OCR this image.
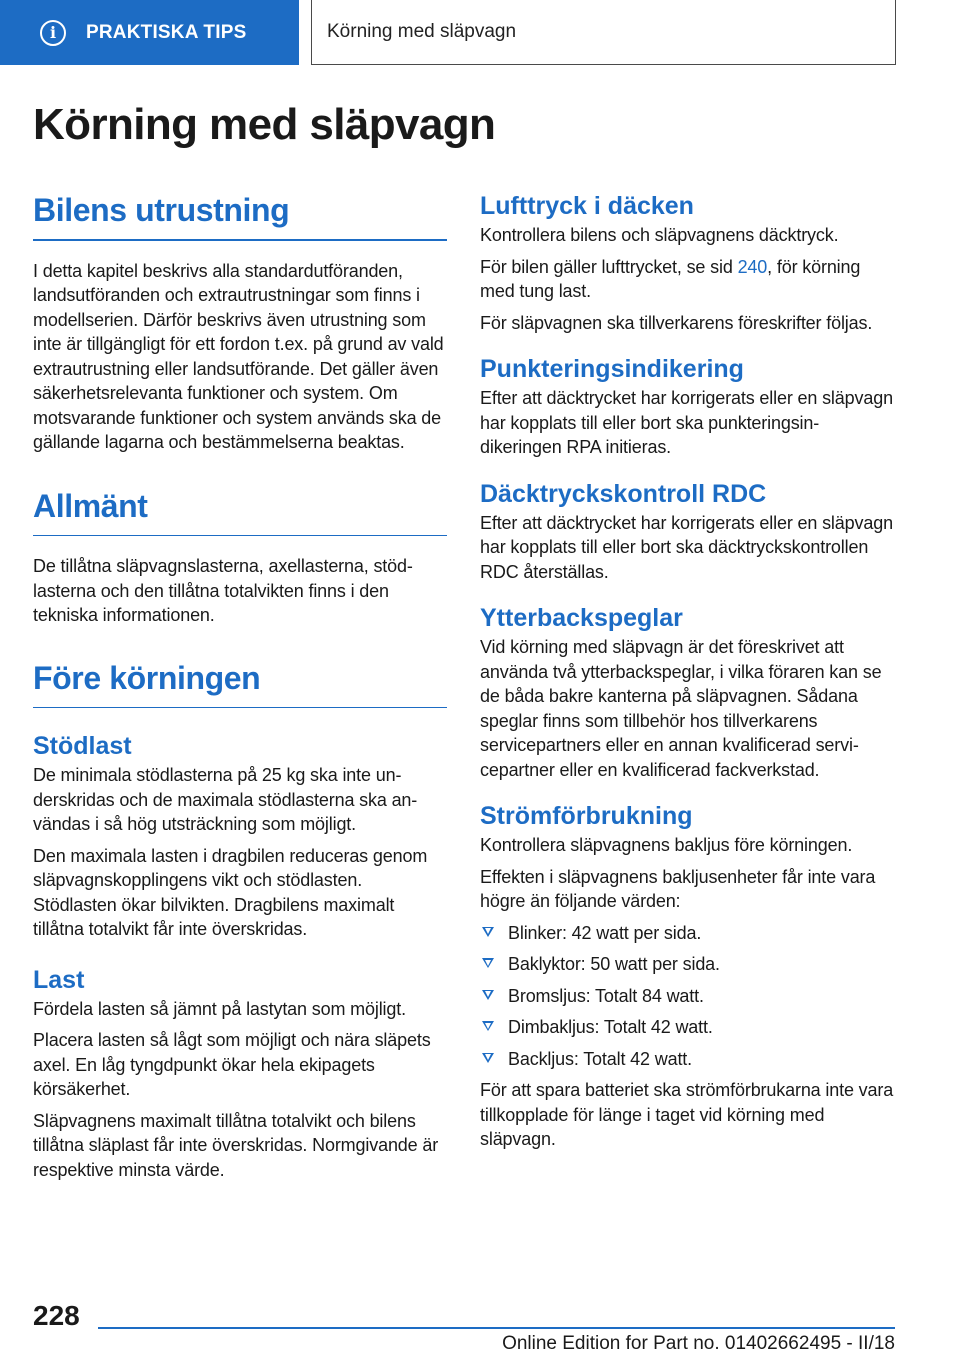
i	PRAKTISKA TIPS	Körning med släpvagn
Körning med släpvagn
Bilens utrustning

I detta kapitel beskrivs alla standardutföranden, landsutföranden och extrautrustningar som finns i modellserien. Därför beskrivs även utrustning som inte är tillgängligt för ett fordon t.ex. på grund av vald extrautrustning eller landsutförande. Det gäller även säkerhetsrelevanta funktioner och system. Om motsvarande funktioner och system används ska de gällande lagarna och bestämmelserna beaktas.

Allmänt

De tillåtna släpvagnslasterna, axellasterna, stödlasterna och den tillåtna totalvikten finns i den tekniska informationen.

Före körningen
Stödlast

De minimala stödlasterna på 25 kg ska inte underskridas och de maximala stödlasterna ska användas i så hög utsträckning som möjligt.

Den maximala lasten i dragbilen reduceras genom släpvagnskopplingens vikt och stödlasten. Stödlasten ökar bilvikten. Dragbilens maximalt tillåtna totalvikt får inte överskridas.

Last

Fördela lasten så jämnt på lastytan som möjligt.

Placera lasten så lågt som möjligt och nära släpets axel. En låg tyngdpunkt ökar hela ekipagets körsäkerhet.

Släpvagnens maximalt tillåtna totalvikt och bilens tillåtna släplast får inte överskridas. Normgivande är respektive minsta värde.

Lufttryck i däcken

Kontrollera bilens och släpvagnens däcktryck.

För bilen gäller lufttrycket, se sid 240, för körning med tung last.

För släpvagnen ska tillverkarens föreskrifter följas.

Punkteringsindikering

Efter att däcktrycket har korrigerats eller en släpvagn har kopplats till eller bort ska punkteringsindikeringen RPA initieras.

Däcktryckskontroll RDC

Efter att däcktrycket har korrigerats eller en släpvagn har kopplats till eller bort ska däcktryckskontrollen RDC återställas.

Ytterbackspeglar

Vid körning med släpvagn är det föreskrivet att använda två ytterbackspeglar, i vilka föraren kan se de båda bakre kanterna på släpvagnen. Sådana speglar finns som tillbehör hos tillverkarens servicepartners eller en annan kvalificerad servicepartner eller en kvalificerad fackverkstad.

Strömförbrukning

Kontrollera släpvagnens bakljus före körningen.

Effekten i släpvagnens bakljusenheter får inte vara högre än följande värden:

Blinker: 42 watt per sida.
Baklyktor: 50 watt per sida.
Bromsljus: Totalt 84 watt.
Dimbakljus: Totalt 42 watt.
Backljus: Totalt 42 watt.

För att spara batteriet ska strömförbrukarna inte vara tillkopplade för länge i taget vid körning med släpvagn.

228
Online Edition for Part no. 01402662495 - II/18
